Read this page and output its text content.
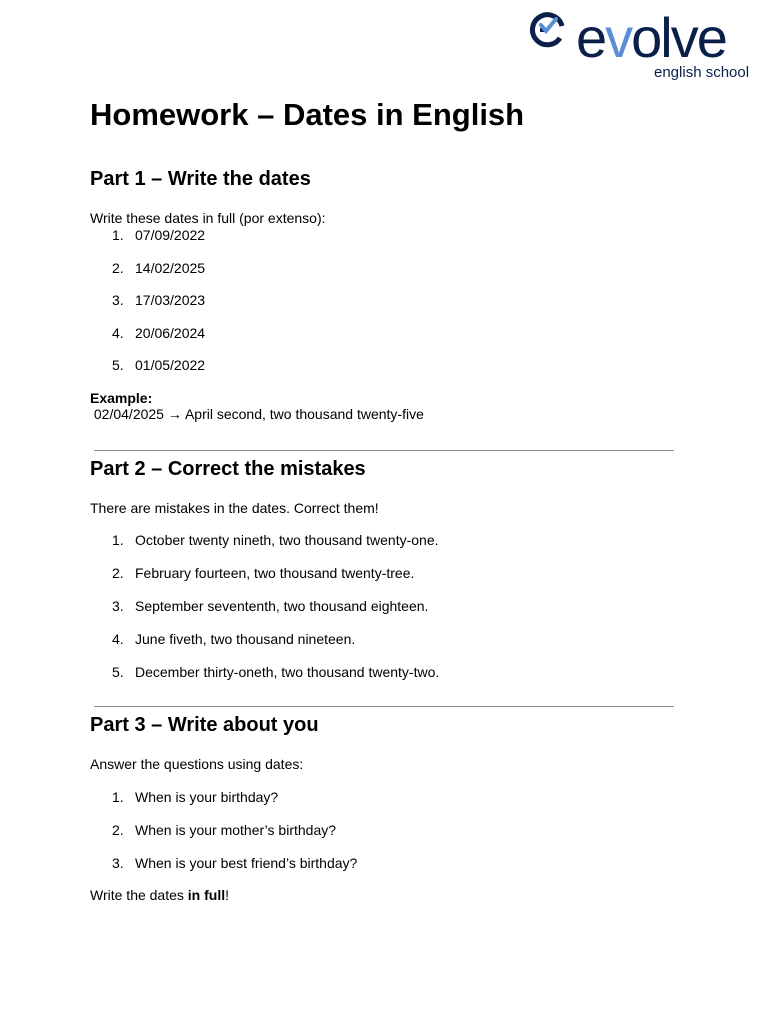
evolve
english school
Homework – Dates in English
Part 1 – Write the dates

Write these dates in full (por extenso):

1. 07/09/2022
2. 14/02/2025
3. 17/03/2023
4. 20/06/2024
5. 01/05/2022

Example:

02/04/2025 → April second, two thousand twenty-five

Part 2 – Correct the mistakes

There are mistakes in the dates. Correct them!

1. October twenty nineth, two thousand twenty-one.
2. February fourteen, two thousand twenty-tree.
3. September sevententh, two thousand eighteen.
4. June fiveth, two thousand nineteen.
5. December thirty-oneth, two thousand twenty-two.
Part 3 – Write about you

Answer the questions using dates:

1. When is your birthday?
2. When is your mother’s birthday?
3. When is your best friend’s birthday?

Write the dates in full!
